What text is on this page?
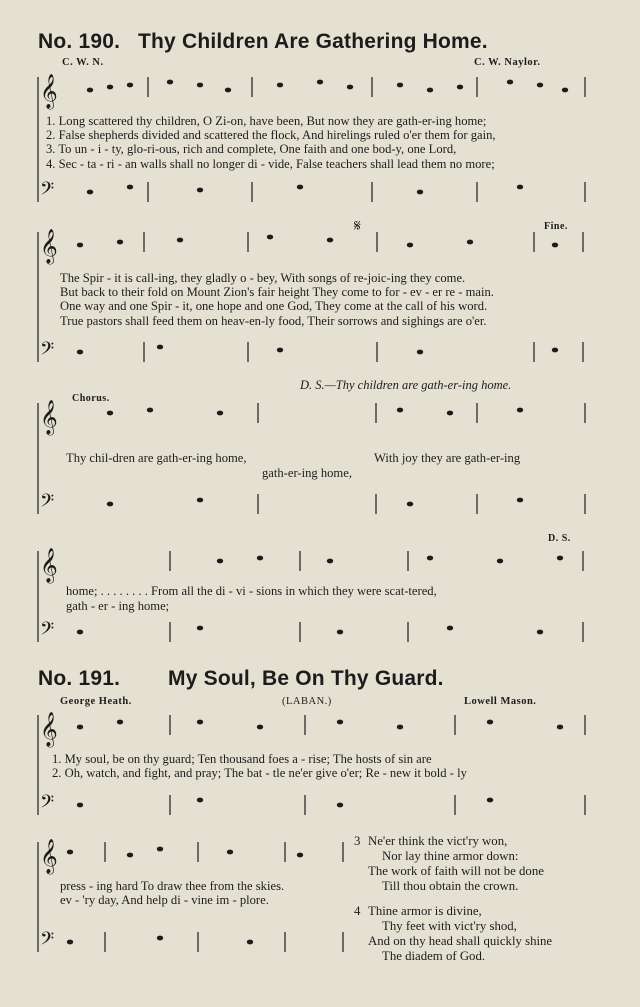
No. 190. Thy Children Are Gathering Home.
C. W. N.	C. W. Naylor.
𝄞
𝄢
𝄞
𝄢
𝄞
𝄢
𝄞
𝄢
𝄞
𝄢
𝄞
𝄢
1. Long scattered thy children, O Zi-on, have been, But now they are gath-er-ing home;
2. False shepherds divided and scattered the flock, And hirelings ruled o'er them for gain,
3. To un - i - ty, glo-ri-ous, rich and complete, One faith and one bod-y, one Lord,
4. Sec - ta - ri - an walls shall no longer di - vide, False teachers shall lead them no more;
𝄋	Fine.
The Spir - it is call-ing, they gladly o - bey, With songs of re-joic-ing they come.
But back to their fold on Mount Zion's fair height They come to for - ev - er re - main.
One way and one Spir - it, one hope and one God, They come at the call of his word.
True pastors shall feed them on heav-en-ly food, Their sorrows and sighings are o'er.
D. S.—Thy children are gath-er-ing home.
Chorus.
Thy chil-dren are gath-er-ing home,	With joy they are gath-er-ing
gath-er-ing home,
D. S.
home; . . . . . . . . From all the di - vi - sions in which they were scat-tered,
gath - er - ing home;
No. 191. My Soul, Be On Thy Guard.
George Heath.	(LABAN.)	Lowell Mason.
1. My soul, be on thy guard; Ten thousand foes a - rise; The hosts of sin are
2. Oh, watch, and fight, and pray; The bat - tle ne'er give o'er; Re - new it bold - ly
press - ing hard To draw thee from the skies.
ev - 'ry day, And help di - vine im - plore.
3 Ne'er think the vict'ry won,
Nor lay thine armor down:
The work of faith will not be done
Till thou obtain the crown.
4 Thine armor is divine,
Thy feet with vict'ry shod,
And on thy head shall quickly shine
The diadem of God.
